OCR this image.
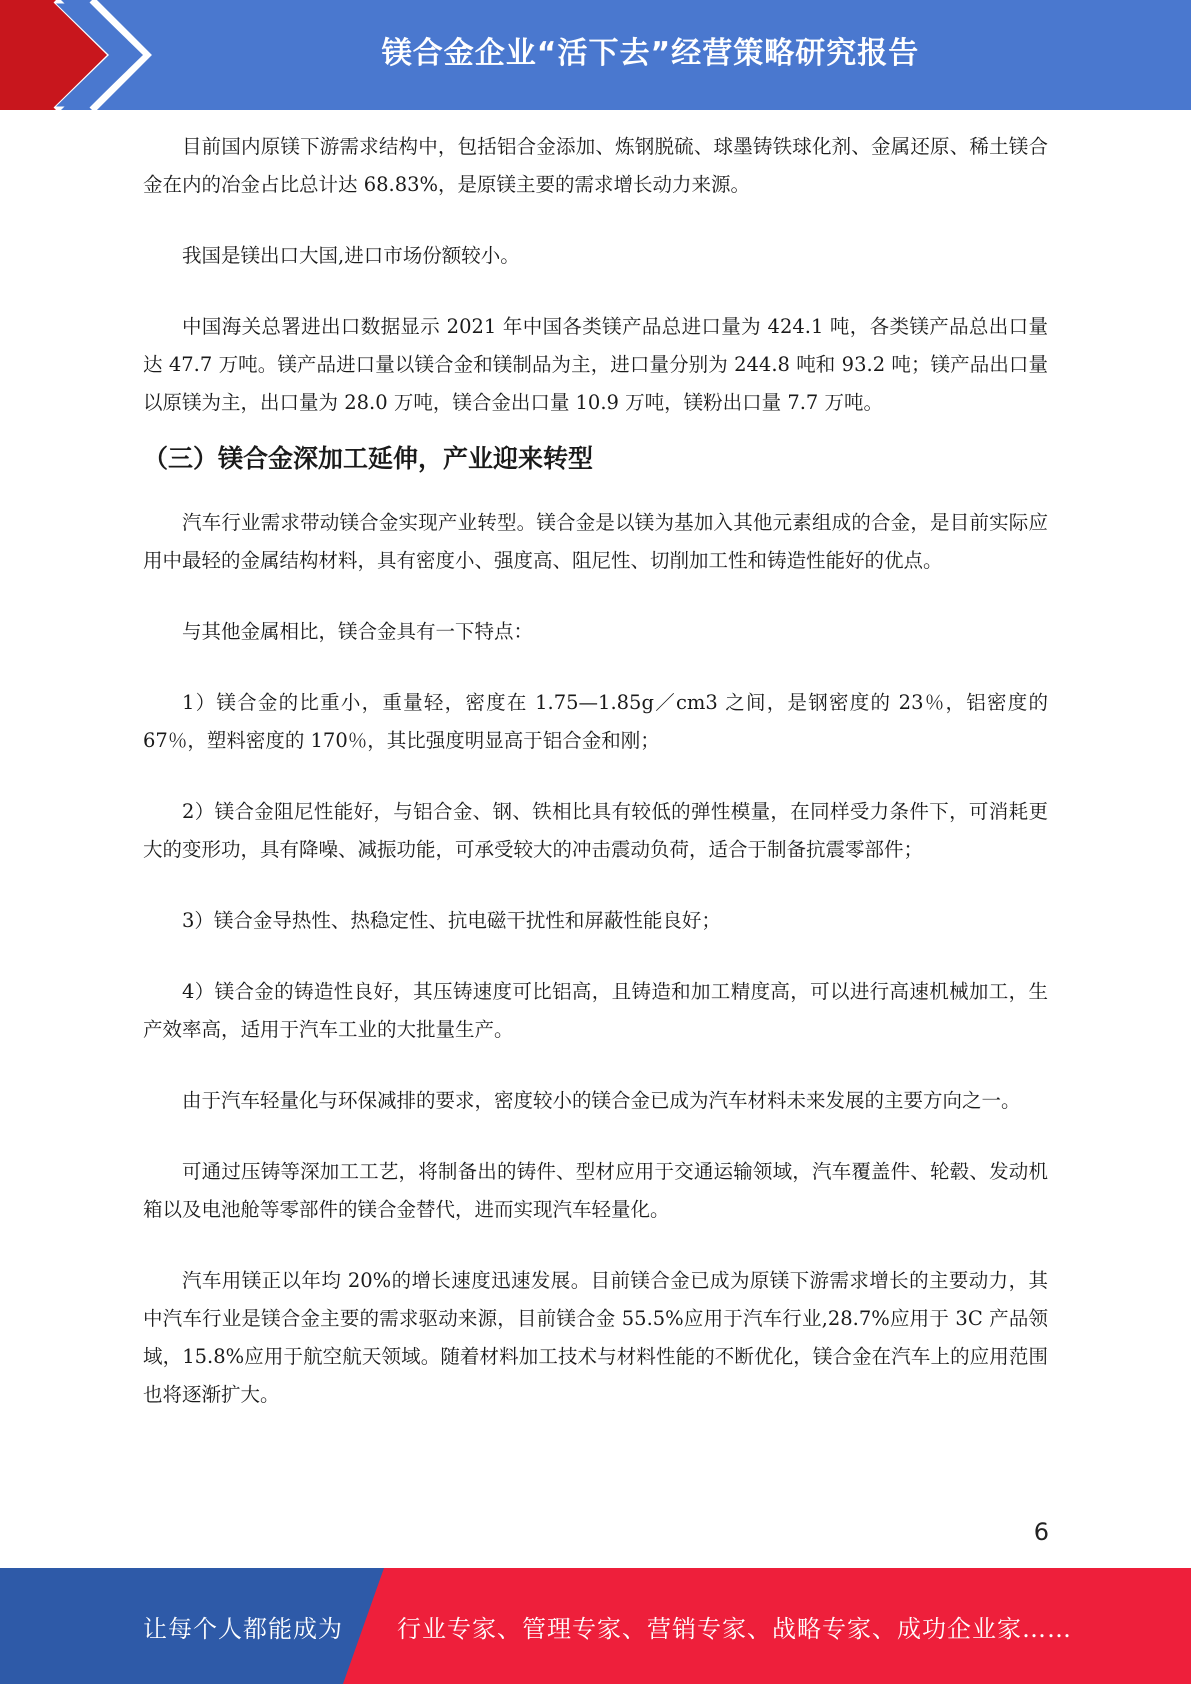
镁合金企业“活下去”经营策略研究报告

目前国内原镁下游需求结构中，包括铝合金添加、炼钢脱硫、球墨铸铁球化剂、金属还原、稀土镁合金在内的冶金占比总计达 68.83%，是原镁主要的需求增长动力来源。

我国是镁出口大国,进口市场份额较小。

中国海关总署进出口数据显示 2021 年中国各类镁产品总进口量为 424.1 吨，各类镁产品总出口量达 47.7 万吨。镁产品进口量以镁合金和镁制品为主，进口量分别为 244.8 吨和 93.2 吨；镁产品出口量以原镁为主，出口量为 28.0 万吨，镁合金出口量 10.9 万吨，镁粉出口量 7.7 万吨。

（三）镁合金深加工延伸，产业迎来转型

汽车行业需求带动镁合金实现产业转型。镁合金是以镁为基加入其他元素组成的合金，是目前实际应用中最轻的金属结构材料，具有密度小、强度高、阻尼性、切削加工性和铸造性能好的优点。

与其他金属相比，镁合金具有一下特点：

1）镁合金的比重小，重量轻，密度在 1.75—1.85g／cm3 之间，是钢密度的 23％，铝密度的 67％，塑料密度的 170％，其比强度明显高于铝合金和刚；

2）镁合金阻尼性能好，与铝合金、钢、铁相比具有较低的弹性模量，在同样受力条件下，可消耗更大的变形功，具有降噪、减振功能，可承受较大的冲击震动负荷，适合于制备抗震零部件；

3）镁合金导热性、热稳定性、抗电磁干扰性和屏蔽性能良好；

4）镁合金的铸造性良好，其压铸速度可比铝高，且铸造和加工精度高，可以进行高速机械加工，生产效率高，适用于汽车工业的大批量生产。

由于汽车轻量化与环保减排的要求，密度较小的镁合金已成为汽车材料未来发展的主要方向之一。

可通过压铸等深加工工艺，将制备出的铸件、型材应用于交通运输领域，汽车覆盖件、轮毂、发动机箱以及电池舱等零部件的镁合金替代，进而实现汽车轻量化。

汽车用镁正以年均 20%的增长速度迅速发展。目前镁合金已成为原镁下游需求增长的主要动力，其中汽车行业是镁合金主要的需求驱动来源，目前镁合金 55.5%应用于汽车行业,28.7%应用于 3C 产品领域，15.8%应用于航空航天领域。随着材料加工技术与材料性能的不断优化，镁合金在汽车上的应用范围也将逐渐扩大。

6
让每个人都能成为 行业专家、管理专家、营销专家、战略专家、成功企业家……
